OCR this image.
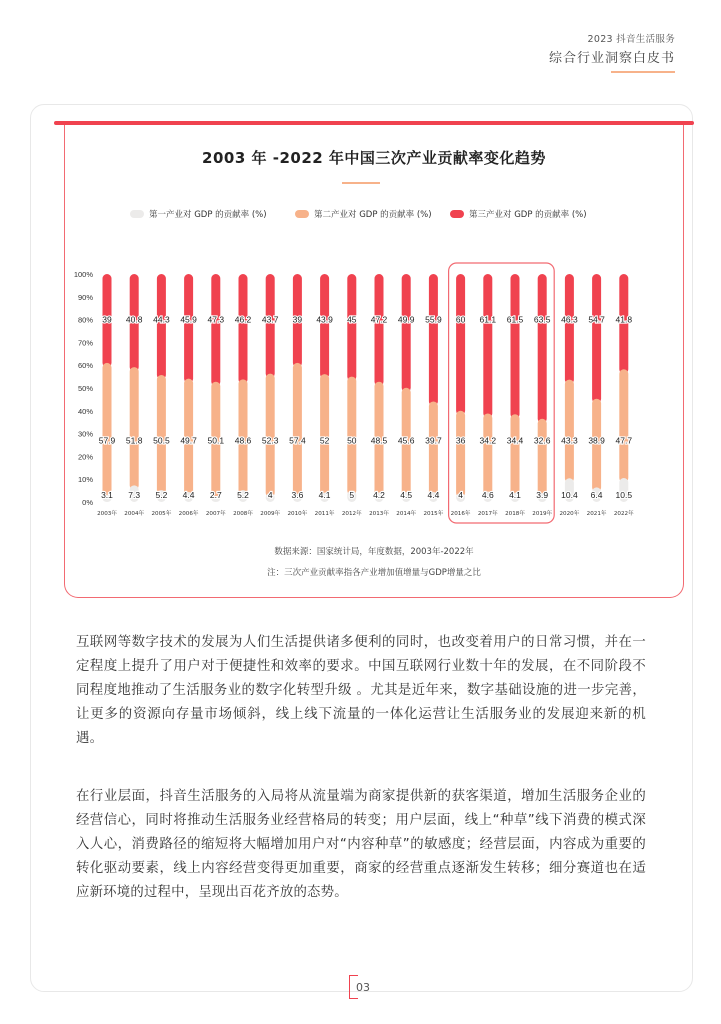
2023 抖音生活服务
综合行业洞察白皮书
2003 年 -2022 年中国三次产业贡献率变化趋势
第一产业对 GDP 的贡献率 (%)	第二产业对 GDP 的贡献率 (%)	第三产业对 GDP 的贡献率 (%)
0%
10%
20%
30%
40%
50%
60%
70%
80%
90%
100%
39
57.9
3.1
2003年
40.8
51.8
7.3
2004年
44.3
50.5
5.2
2005年
45.9
49.7
4.4
2006年
47.3
50.1
2.7
2007年
46.2
48.6
5.2
2008年
43.7
52.3
4
2009年
39
57.4
3.6
2010年
43.9
52
4.1
2011年
45
50
5
2012年
47.2
48.5
4.2
2013年
49.9
45.6
4.5
2014年
55.9
39.7
4.4
2015年
60
36
4
2016年
61.1
34.2
4.6
2017年
61.5
34.4
4.1
2018年
63.5
32.6
3.9
2019年
46.3
43.3
10.4
2020年
54.7
38.9
6.4
2021年
41.8
47.7
10.5
2022年
数据来源：国家统计局，年度数据，2003年-2022年
注：三次产业贡献率指各产业增加值增量与GDP增量之比
互联网等数字技术的发展为人们生活提供诸多便利的同时，也改变着用户的日常习惯，并在一定程度上提升了用户对于便捷性和效率的要求。中国互联网行业数十年的发展，在不同阶段不同程度地推动了生活服务业的数字化转型升级 。尤其是近年来，数字基础设施的进一步完善，让更多的资源向存量市场倾斜，线上线下流量的一体化运营让生活服务业的发展迎来新的机遇。
在行业层面，抖音生活服务的入局将从流量端为商家提供新的获客渠道，增加生活服务企业的经营信心，同时将推动生活服务业经营格局的转变；用户层面，线上“种草”线下消费的模式深入人心，消费路径的缩短将大幅增加用户对“内容种草”的敏感度；经营层面，内容成为重要的转化驱动要素，线上内容经营变得更加重要，商家的经营重点逐渐发生转移；细分赛道也在适应新环境的过程中，呈现出百花齐放的态势。
03
